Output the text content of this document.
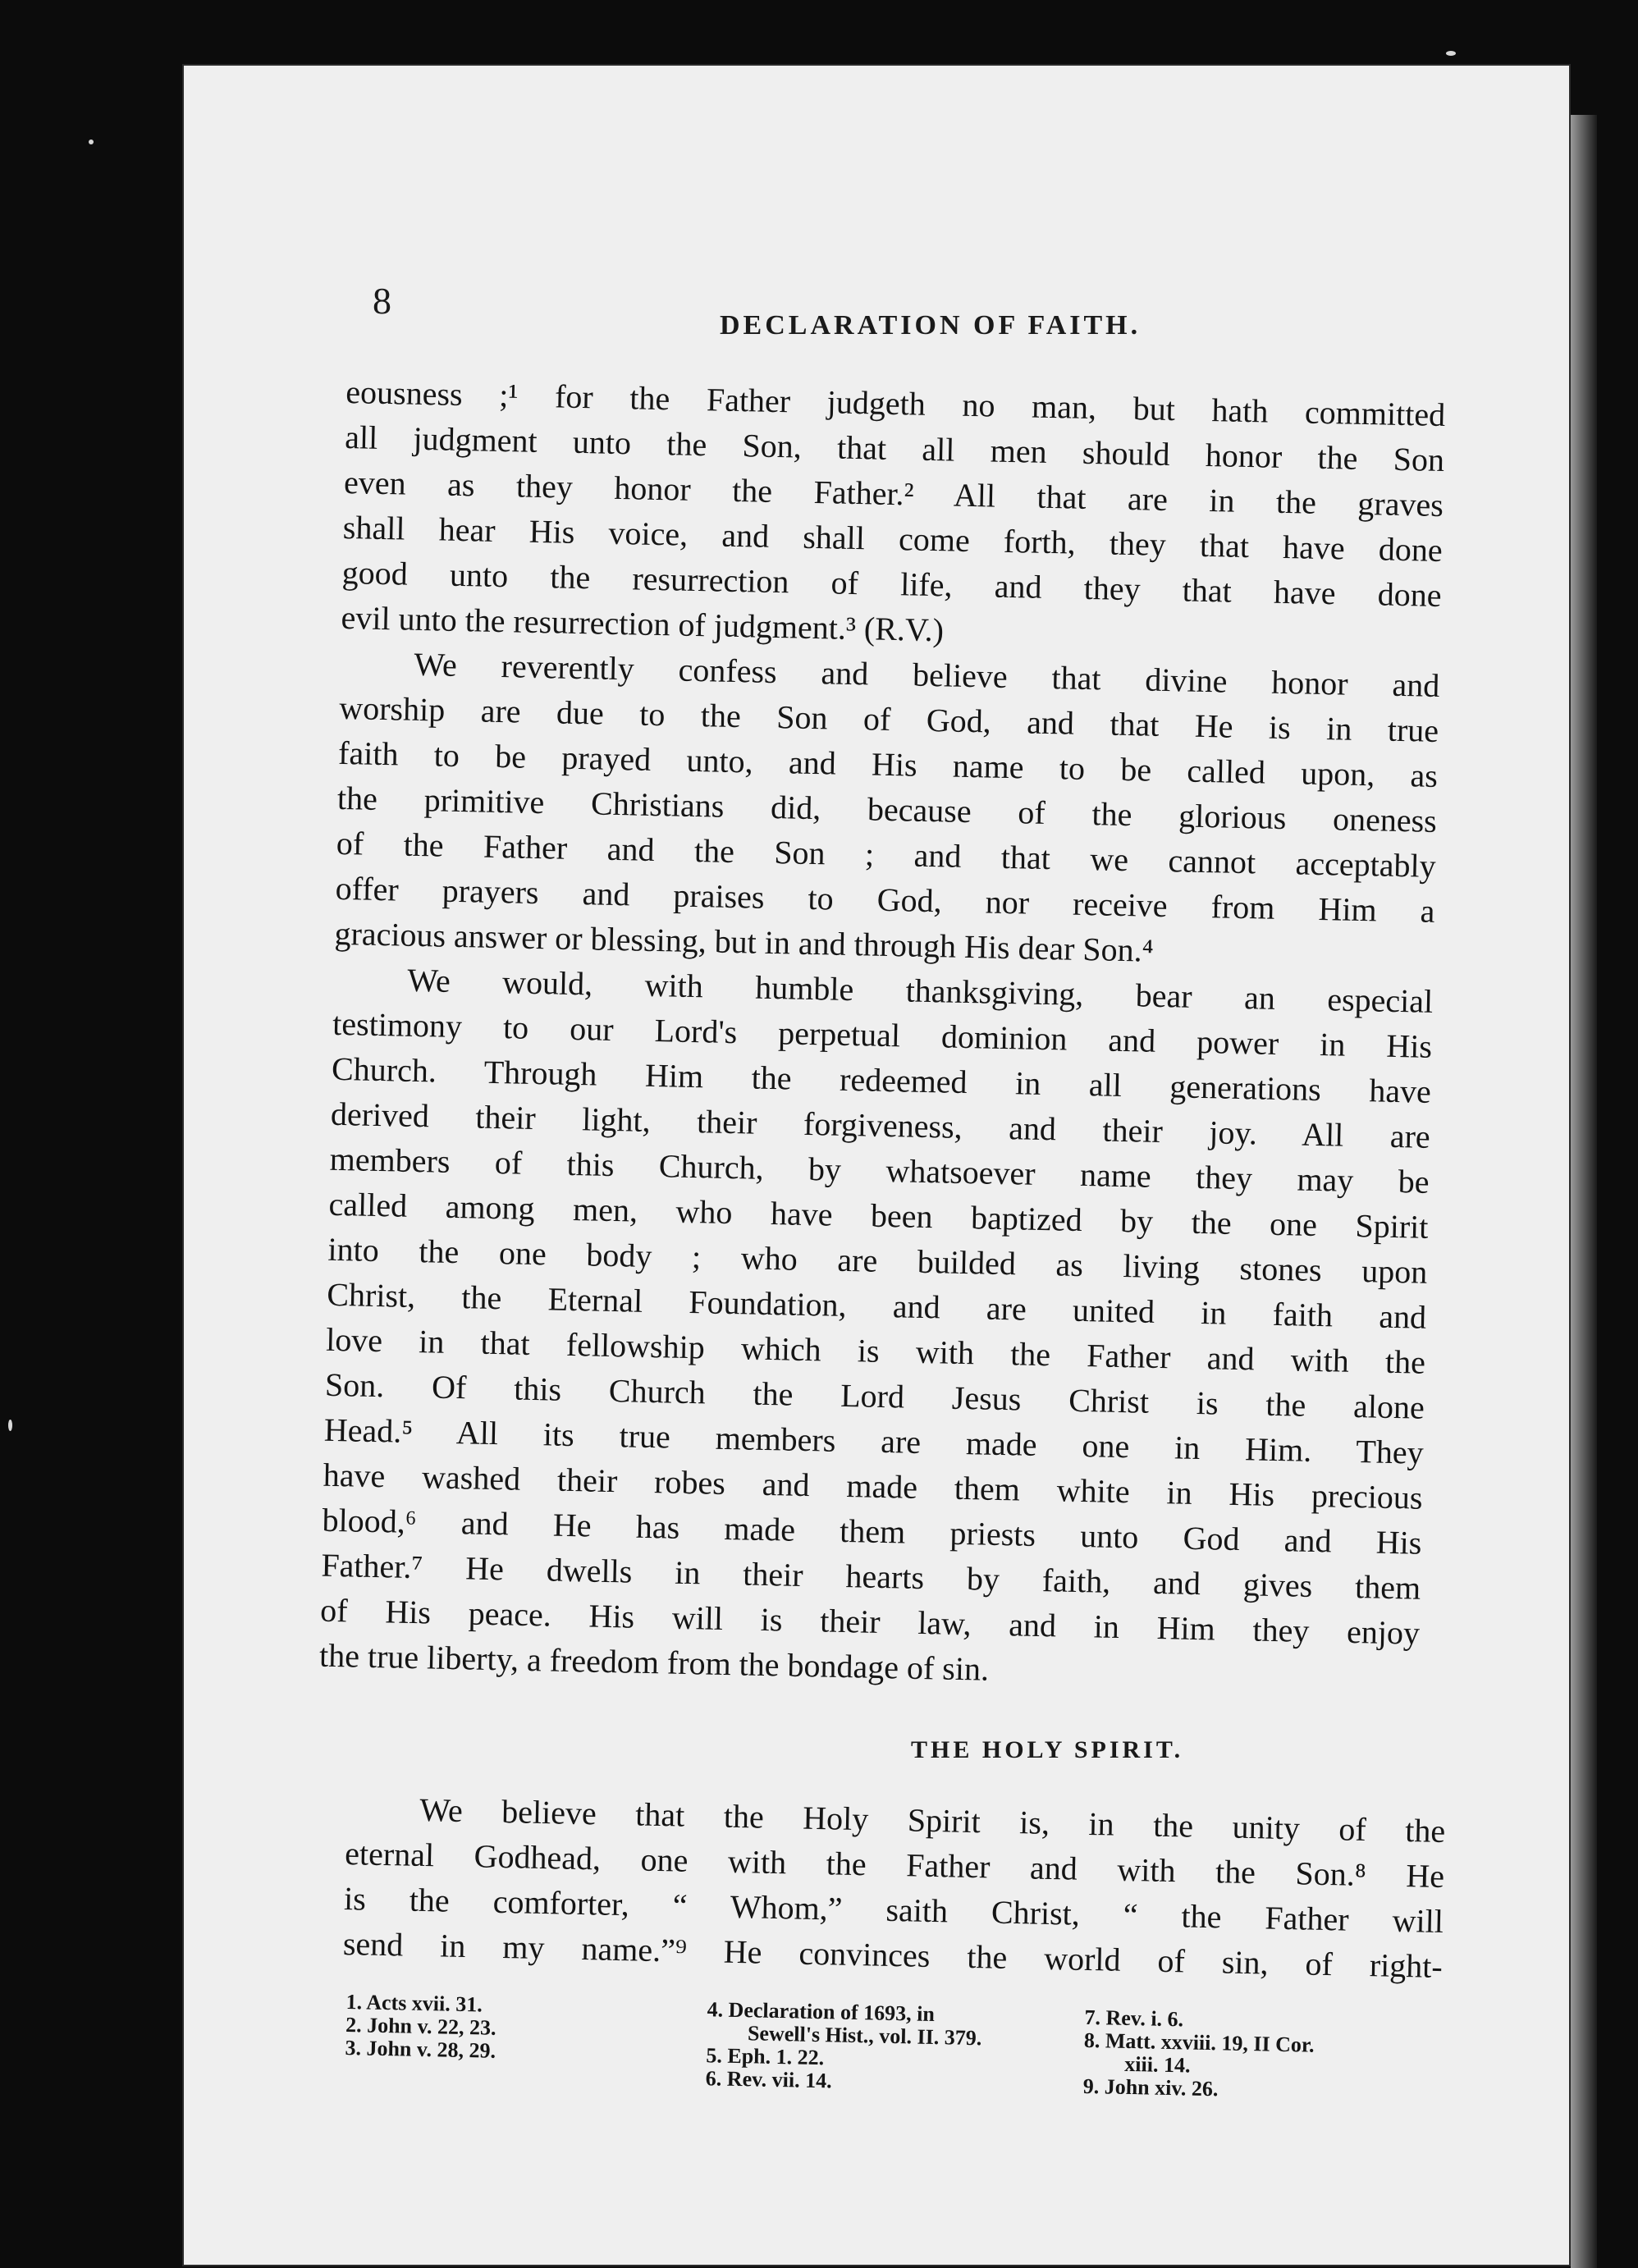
8
DECLARATION OF FAITH.
eousness ;¹ for the Father judgeth no man, but hath committed
all judgment unto the Son, that all men should honor the Son
even as they honor the Father.² All that are in the graves
shall hear His voice, and shall come forth, they that have done
good unto the resurrection of life, and they that have done
evil unto the resurrection of judgment.³ (R.V.)
We reverently confess and believe that divine honor and
worship are due to the Son of God, and that He is in true
faith to be prayed unto, and His name to be called upon, as
the primitive Christians did, because of the glorious oneness
of the Father and the Son ; and that we cannot acceptably
offer prayers and praises to God, nor receive from Him a
gracious answer or blessing, but in and through His dear Son.⁴
We would, with humble thanksgiving, bear an especial
testimony to our Lord's perpetual dominion and power in His
Church. Through Him the redeemed in all generations have
derived their light, their forgiveness, and their joy. All are
members of this Church, by whatsoever name they may be
called among men, who have been baptized by the one Spirit
into the one body ; who are builded as living stones upon
Christ, the Eternal Foundation, and are united in faith and
love in that fellowship which is with the Father and with the
Son. Of this Church the Lord Jesus Christ is the alone
Head.⁵ All its true members are made one in Him. They
have washed their robes and made them white in His precious
blood,⁶ and He has made them priests unto God and His
Father.⁷ He dwells in their hearts by faith, and gives them
of His peace. His will is their law, and in Him they enjoy
the true liberty, a freedom from the bondage of sin.
THE HOLY SPIRIT.
We believe that the Holy Spirit is, in the unity of the
eternal Godhead, one with the Father and with the Son.⁸ He
is the comforter, “ Whom,” saith Christ, “ the Father will
send in my name.”⁹ He convinces the world of sin, of right-
1. Acts xvii. 31.
2. John v. 22, 23.
3. John v. 28, 29.
4. Declaration of 1693, in
Sewell's Hist., vol. II. 379.
5. Eph. 1. 22.
6. Rev. vii. 14.
7. Rev. i. 6.
8. Matt. xxviii. 19, II Cor.
xiii. 14.
9. John xiv. 26.
